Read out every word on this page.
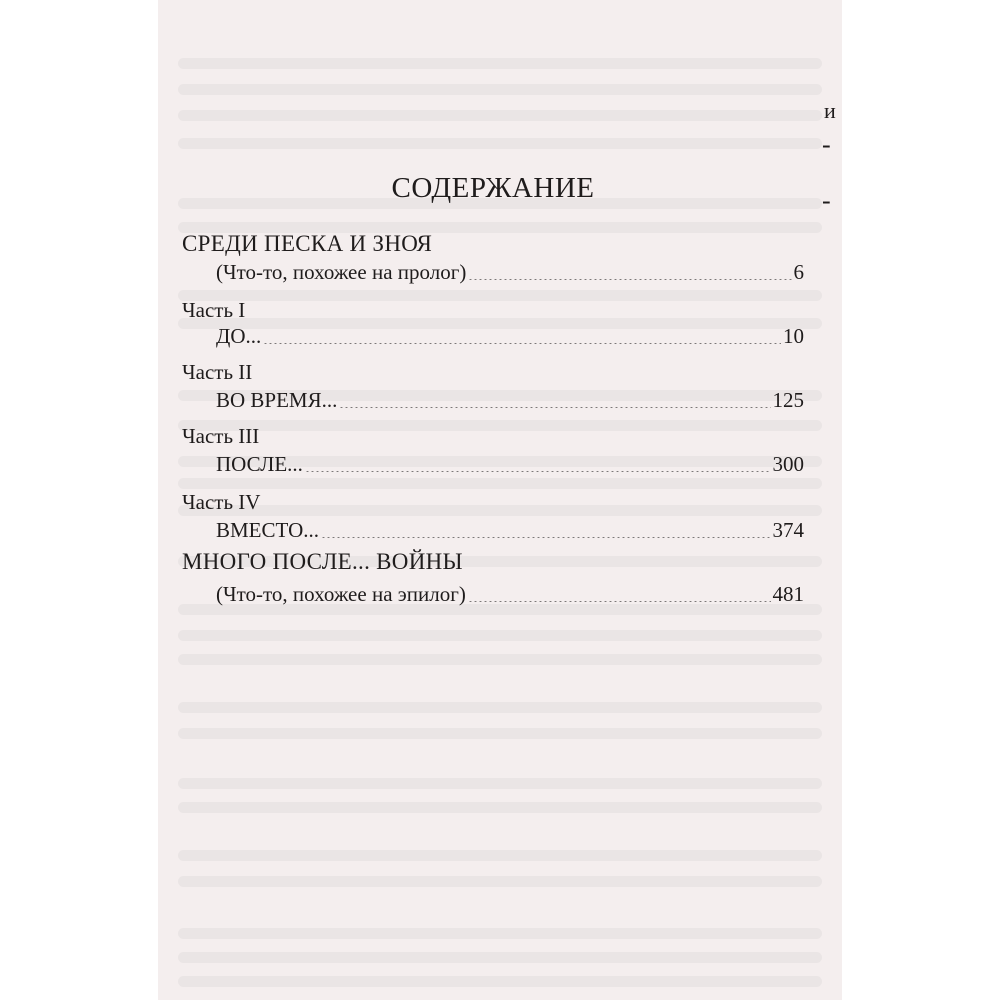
-
и
-
СОДЕРЖАНИЕ
СРЕДИ ПЕСКА И ЗНОЯ
(Что-то, похожее на пролог)	6
Часть I
ДО...	10
Часть II
ВО ВРЕМЯ...	125
Часть III
ПОСЛЕ...	300
Часть IV
ВМЕСТО...	374
МНОГО ПОСЛЕ... ВОЙНЫ
(Что-то, похожее на эпилог)	481
